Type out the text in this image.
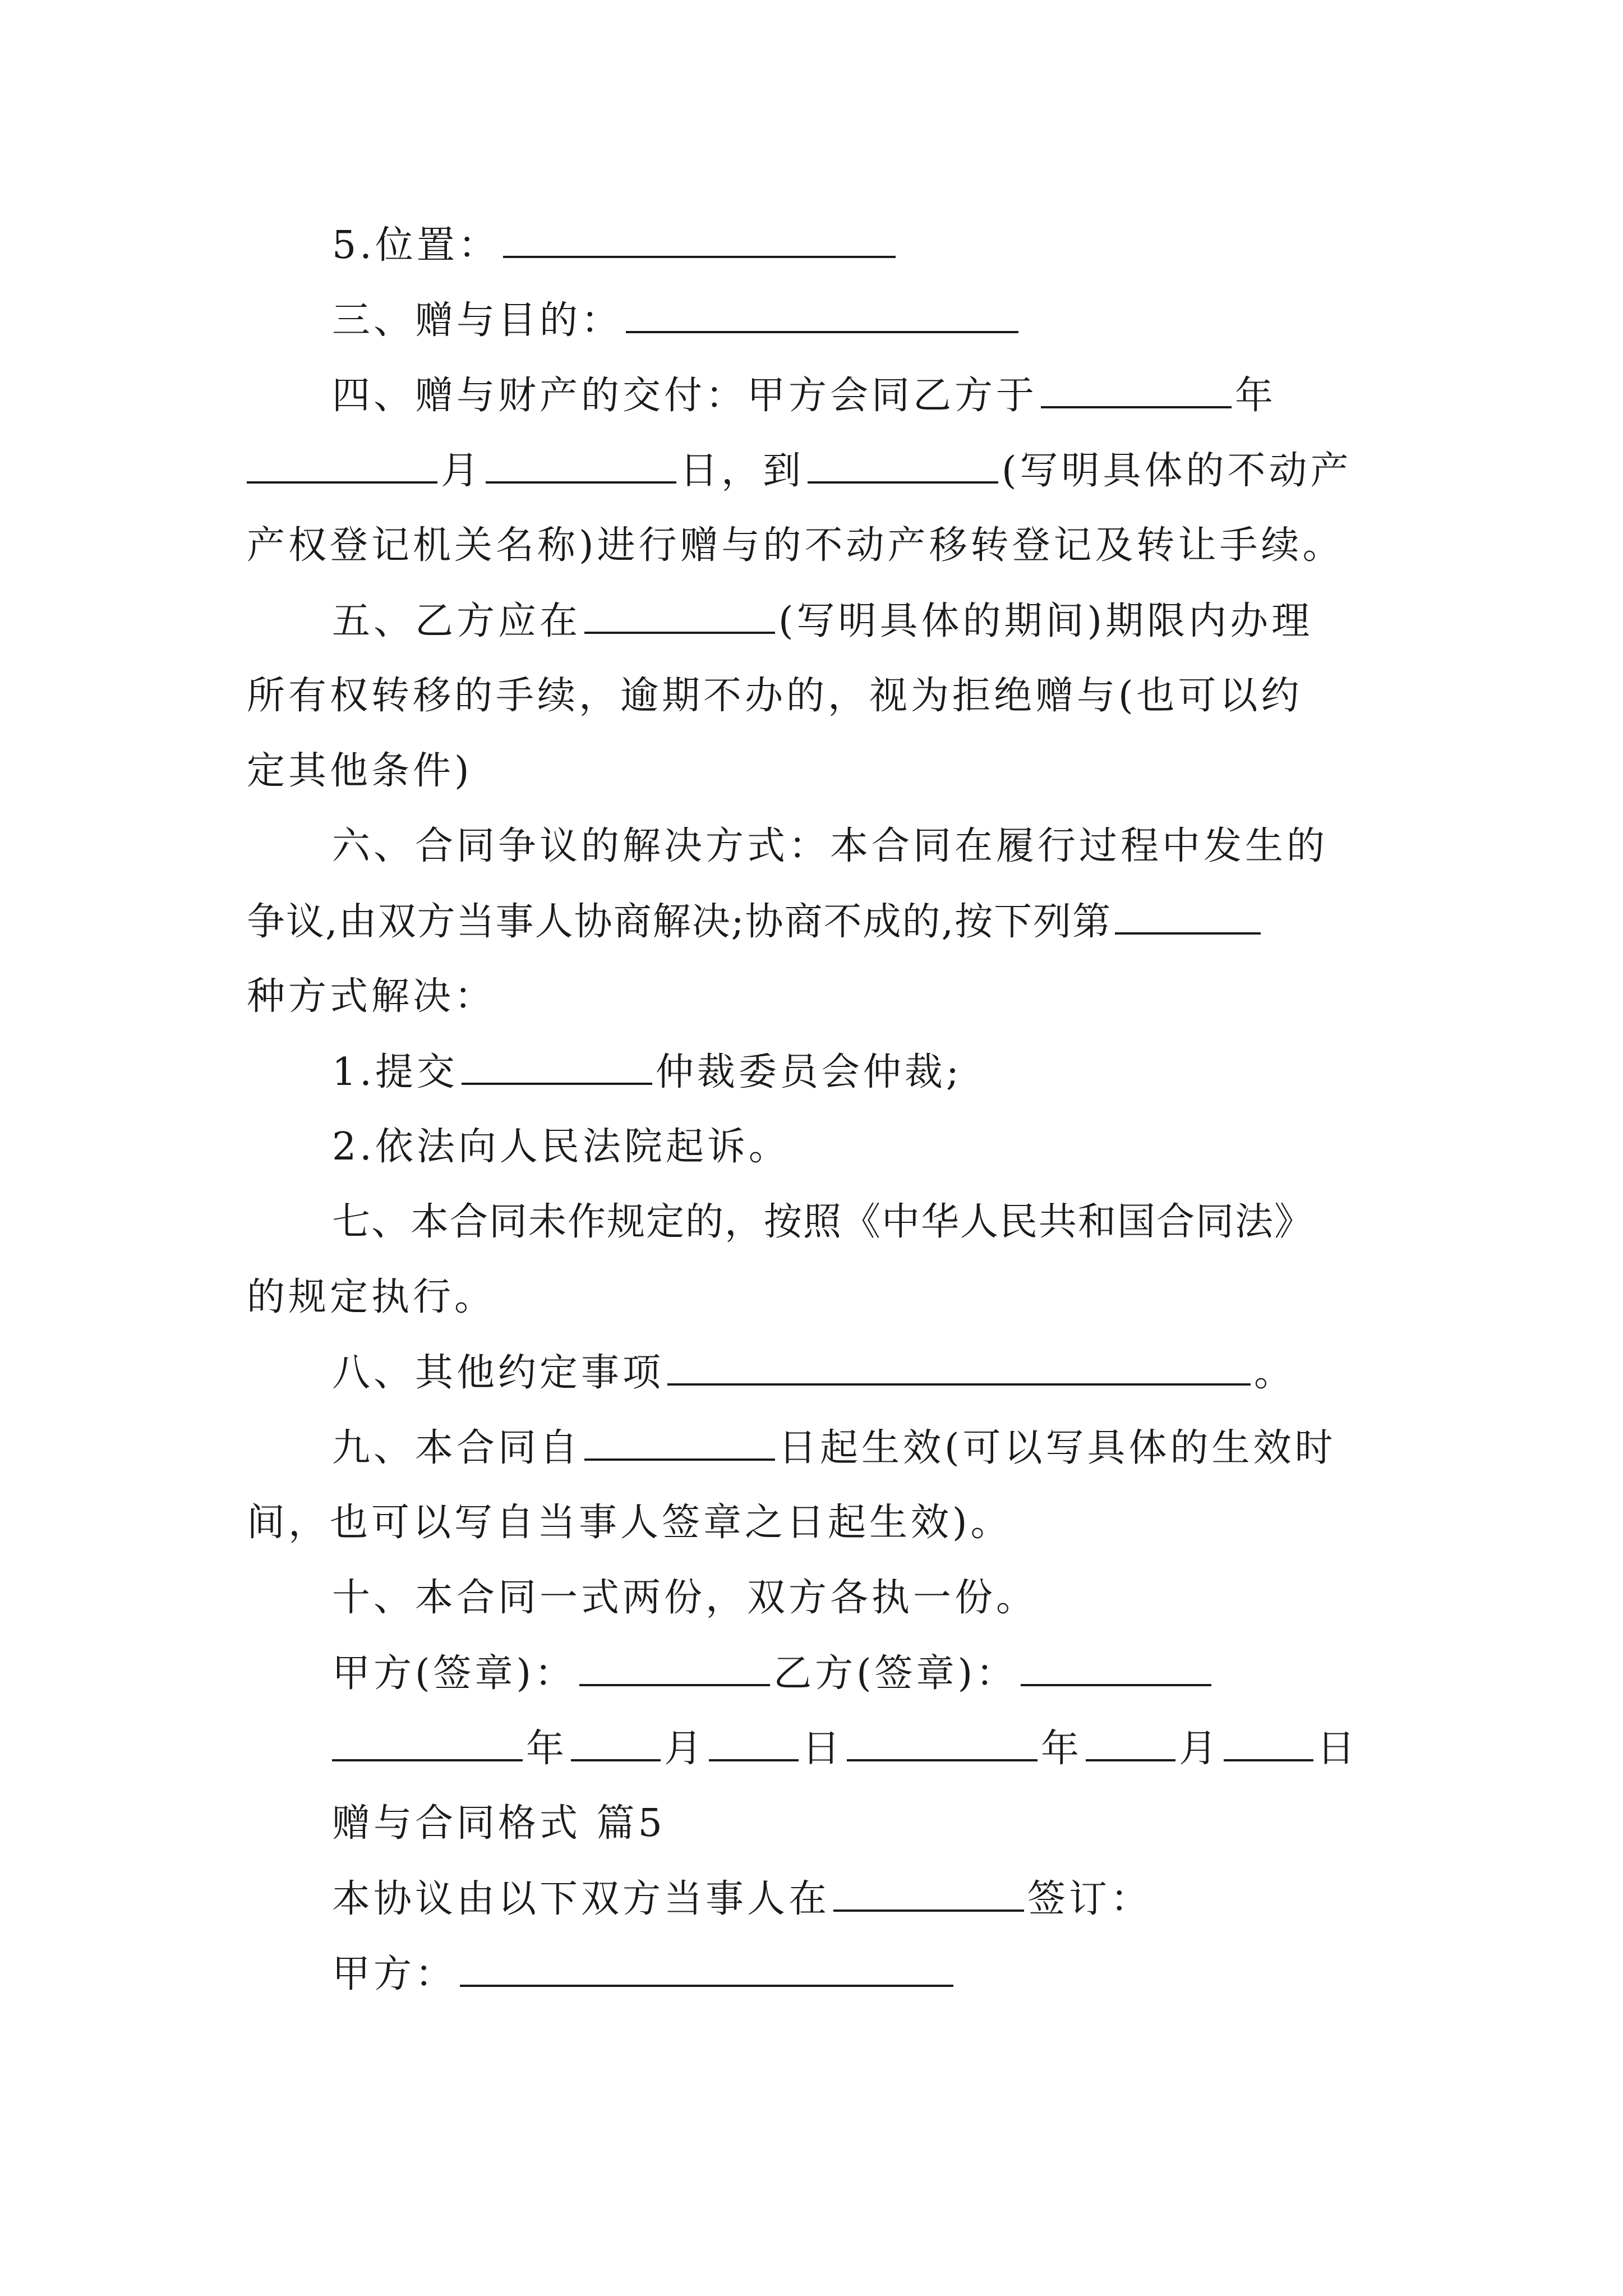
5.位置：
三、赠与目的：
四、赠与财产的交付：甲方会同乙方于	年
月	日，到	(写明具体的不动产
产权登记机关名称)进行赠与的不动产移转登记及转让手续。
五、乙方应在	(写明具体的期间)期限内办理
所有权转移的手续，逾期不办的，视为拒绝赠与(也可以约
定其他条件)
六、合同争议的解决方式：本合同在履行过程中发生的
争议,由双方当事人协商解决;协商不成的,按下列第
种方式解决：
1.提交	仲裁委员会仲裁;
2.依法向人民法院起诉。
七、本合同未作规定的，按照《中华人民共和国合同法》
的规定执行。
八、其他约定事项	。
九、本合同自	日起生效(可以写具体的生效时
间，也可以写自当事人签章之日起生效)。
十、本合同一式两份，双方各执一份。
甲方(签章)：	乙方(签章)：
年	月	日	年	月	日
赠与合同格式 篇5
本协议由以下双方当事人在	签订：
甲方：
